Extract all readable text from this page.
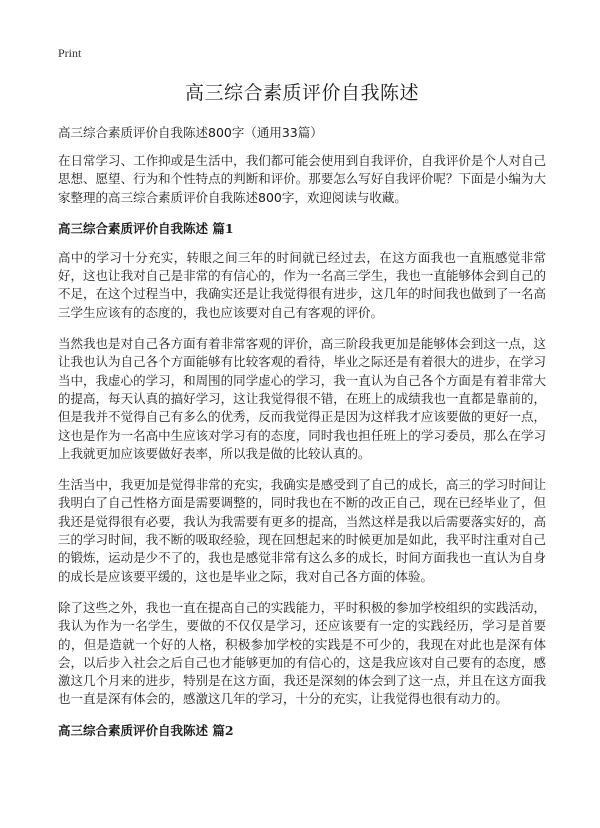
Print
高三综合素质评价自我陈述

高三综合素质评价自我陈述800字（通用33篇）

在日常学习、工作抑或是生活中，我们都可能会使用到自我评价，自我评价是个人对自己思想、愿望、行为和个性特点的判断和评价。那要怎么写好自我评价呢？下面是小编为大家整理的高三综合素质评价自我陈述800字，欢迎阅读与收藏。

高三综合素质评价自我陈述 篇1

高中的学习十分充实，转眼之间三年的时间就已经过去，在这方面我也一直瓶感觉非常好，这也让我对自己是非常的有信心的，作为一名高三学生，我也一直能够体会到自己的不足，在这个过程当中，我确实还是让我觉得很有进步，这几年的时间我也做到了一名高三学生应该有的态度的，我也应该要对自己有客观的评价。

当然我也是对自己各方面有着非常客观的评价，高三阶段我更加是能够体会到这一点，这让我也认为自己各个方面能够有比较客观的看待，毕业之际还是有着很大的进步，在学习当中，我虚心的学习，和周围的同学虚心的学习，我一直认为自己各个方面是有着非常大的提高，每天认真的搞好学习，这让我觉得很不错，在班上的成绩我也一直都是靠前的，但是我并不觉得自己有多么的优秀，反而我觉得正是因为这样我才应该要做的更好一点，这也是作为一名高中生应该对学习有的态度，同时我也担任班上的学习委员，那么在学习上我就更加应该要做好表率，所以我是做的比较认真的。

生活当中，我更加是觉得非常的充实，我确实是感受到了自己的成长，高三的学习时间让我明白了自己性格方面是需要调整的，同时我也在不断的改正自己，现在已经毕业了，但我还是觉得很有必要，我认为我需要有更多的提高，当然这样是我以后需要落实好的，高三的学习时间，我不断的吸取经验，现在回想起来的时候更加是如此，我平时注重对自己的锻炼，运动是少不了的，我也是感觉非常有这么多的成长，时间方面我也一直认为自身的成长是应该要平缓的，这也是毕业之际，我对自己各方面的体验。

除了这些之外，我也一直在提高自己的实践能力，平时积极的参加学校组织的实践活动，我认为作为一名学生，要做的不仅仅是学习，还应该要有一定的实践经历，学习是首要的，但是造就一个好的人格，积极参加学校的实践是不可少的，我现在对此也是深有体会，以后步入社会之后自己也才能够更加的有信心的，这是我应该对自己要有的态度，感激这几个月来的进步，特别是在这方面，我还是深刻的体会到了这一点，并且在这方面我也一直是深有体会的，感激这几年的学习，十分的充实，让我觉得也很有动力的。

高三综合素质评价自我陈述 篇2
